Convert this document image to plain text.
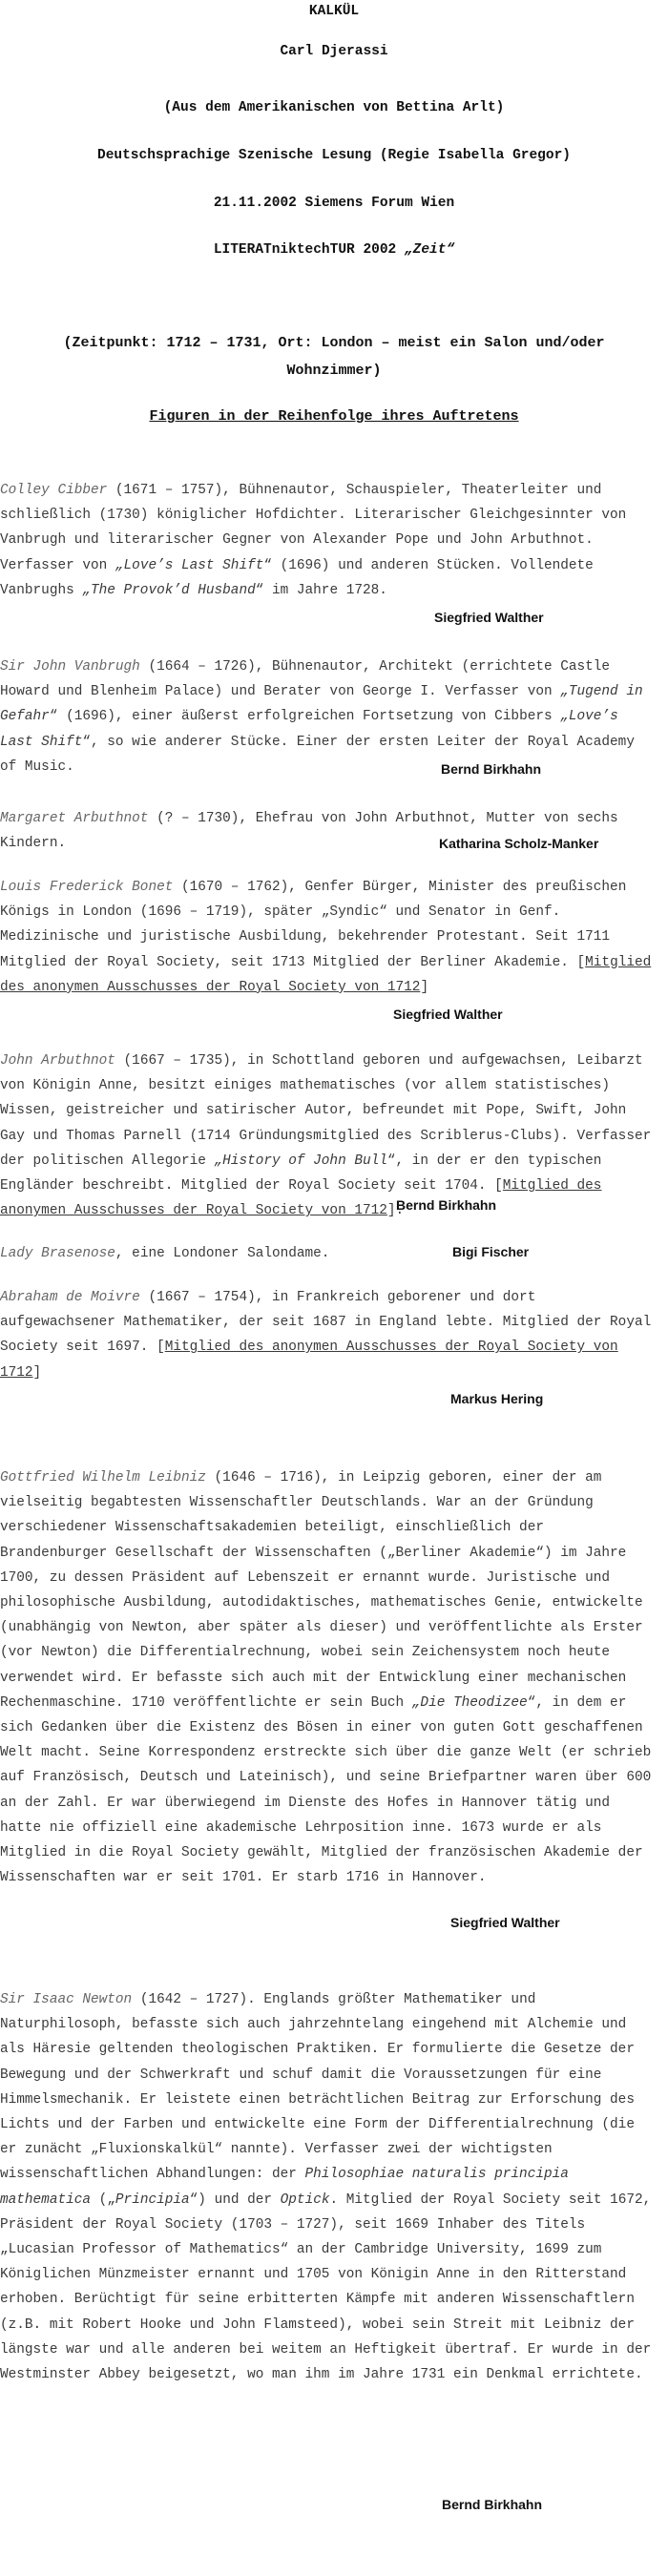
KALKÜL
Carl Djerassi
(Aus dem Amerikanischen von Bettina Arlt)
Deutschsprachige Szenische Lesung (Regie Isabella Gregor)
21.11.2002 Siemens Forum Wien
LITERATniktechTUR 2002 „Zeit“
(Zeitpunkt: 1712 – 1731, Ort: London – meist ein Salon und/oder Wohnzimmer)
Figuren in der Reihenfolge ihres Auftretens
Colley Cibber (1671 – 1757), Bühnenautor, Schauspieler, Theaterleiter und schließlich (1730) königlicher Hofdichter. Literarischer Gleichgesinnter von Vanbrugh und literarischer Gegner von Alexander Pope und John Arbuthnot. Verfasser von „Love’s Last Shift“ (1696) und anderen Stücken. Vollendete Vanbrughs „The Provok’d Husband“ im Jahre 1728.
Siegfried Walther
Sir John Vanbrugh (1664 – 1726), Bühnenautor, Architekt (errichtete Castle Howard und Blenheim Palace) und Berater von George I. Verfasser von „Tugend in Gefahr“ (1696), einer äußerst erfolgreichen Fortsetzung von Cibbers „Love’s Last Shift“, so wie anderer Stücke. Einer der ersten Leiter der Royal Academy of Music.	Bernd Birkhahn
Margaret Arbuthnot (? – 1730), Ehefrau von John Arbuthnot, Mutter von sechs Kindern.	Katharina Scholz-Manker
Louis Frederick Bonet (1670 – 1762), Genfer Bürger, Minister des preußischen Königs in London (1696 – 1719), später „Syndic“ und Senator in Genf. Medizinische und juristische Ausbildung, bekehrender Protestant. Seit 1711 Mitglied der Royal Society, seit 1713 Mitglied der Berliner Akademie. [Mitglied des anonymen Ausschusses der Royal Society von 1712]
Siegfried Walther
John Arbuthnot (1667 – 1735), in Schottland geboren und aufgewachsen, Leibarzt von Königin Anne, besitzt einiges mathematisches (vor allem statistisches) Wissen, geistreicher und satirischer Autor, befreundet mit Pope, Swift, John Gay und Thomas Parnell (1714 Gründungsmitglied des Scriblerus-Clubs). Verfasser der politischen Allegorie „History of John Bull“, in der er den typischen Engländer beschreibt. Mitglied der Royal Society seit 1704. [Mitglied des anonymen Ausschusses der Royal Society von 1712].
Bernd Birkhahn
Lady Brasenose, eine Londoner Salondame.	Bigi Fischer
Abraham de Moivre (1667 – 1754), in Frankreich geborener und dort aufgewachsener Mathematiker, der seit 1687 in England lebte. Mitglied der Royal Society seit 1697. [Mitglied des anonymen Ausschusses der Royal Society von 1712]
Markus Hering
Gottfried Wilhelm Leibniz (1646 – 1716), in Leipzig geboren, einer der am vielseitig begabtesten Wissenschaftler Deutschlands. War an der Gründung verschiedener Wissenschaftsakademien beteiligt, einschließlich der Brandenburger Gesellschaft der Wissenschaften („Berliner Akademie“) im Jahre 1700, zu dessen Präsident auf Lebenszeit er ernannt wurde. Juristische und philosophische Ausbildung, autodidaktisches, mathematisches Genie, entwickelte (unabhängig von Newton, aber später als dieser) und veröffentlichte als Erster (vor Newton) die Differentialrechnung, wobei sein Zeichensystem noch heute verwendet wird. Er befasste sich auch mit der Entwicklung einer mechanischen Rechenmaschine. 1710 veröffentlichte er sein Buch „Die Theodizee“, in dem er sich Gedanken über die Existenz des Bösen in einer von guten Gott geschaffenen Welt macht. Seine Korrespondenz erstreckte sich über die ganze Welt (er schrieb auf Französisch, Deutsch und Lateinisch), und seine Briefpartner waren über 600 an der Zahl. Er war überwiegend im Dienste des Hofes in Hannover tätig und hatte nie offiziell eine akademische Lehrposition inne. 1673 wurde er als Mitglied in die Royal Society gewählt, Mitglied der französischen Akademie der Wissenschaften war er seit 1701. Er starb 1716 in Hannover.
Siegfried Walther
Sir Isaac Newton (1642 – 1727). Englands größter Mathematiker und Naturphilosoph, befasste sich auch jahrzehntelang eingehend mit Alchemie und als Häresie geltenden theologischen Praktiken. Er formulierte die Gesetze der Bewegung und der Schwerkraft und schuf damit die Voraussetzungen für eine Himmelsmechanik. Er leistete einen beträchtlichen Beitrag zur Erforschung des Lichts und der Farben und entwickelte eine Form der Differentialrechnung (die er zunächt „Fluxionskalkül“ nannte). Verfasser zwei der wichtigsten wissenschaftlichen Abhandlungen: der Philosophiae naturalis principia mathematica („Principia“) und der Optick. Mitglied der Royal Society seit 1672, Präsident der Royal Society (1703 – 1727), seit 1669 Inhaber des Titels „Lucasian Professor of Mathematics“ an der Cambridge University, 1699 zum Königlichen Münzmeister ernannt und 1705 von Königin Anne in den Ritterstand erhoben. Berüchtigt für seine erbitterten Kämpfe mit anderen Wissenschaftlern (z.B. mit Robert Hooke und John Flamsteed), wobei sein Streit mit Leibniz der längste war und alle anderen bei weitem an Heftigkeit übertraf. Er wurde in der Westminster Abbey beigesetzt, wo man ihm im Jahre 1731 ein Denkmal errichtete.
Bernd Birkhahn
